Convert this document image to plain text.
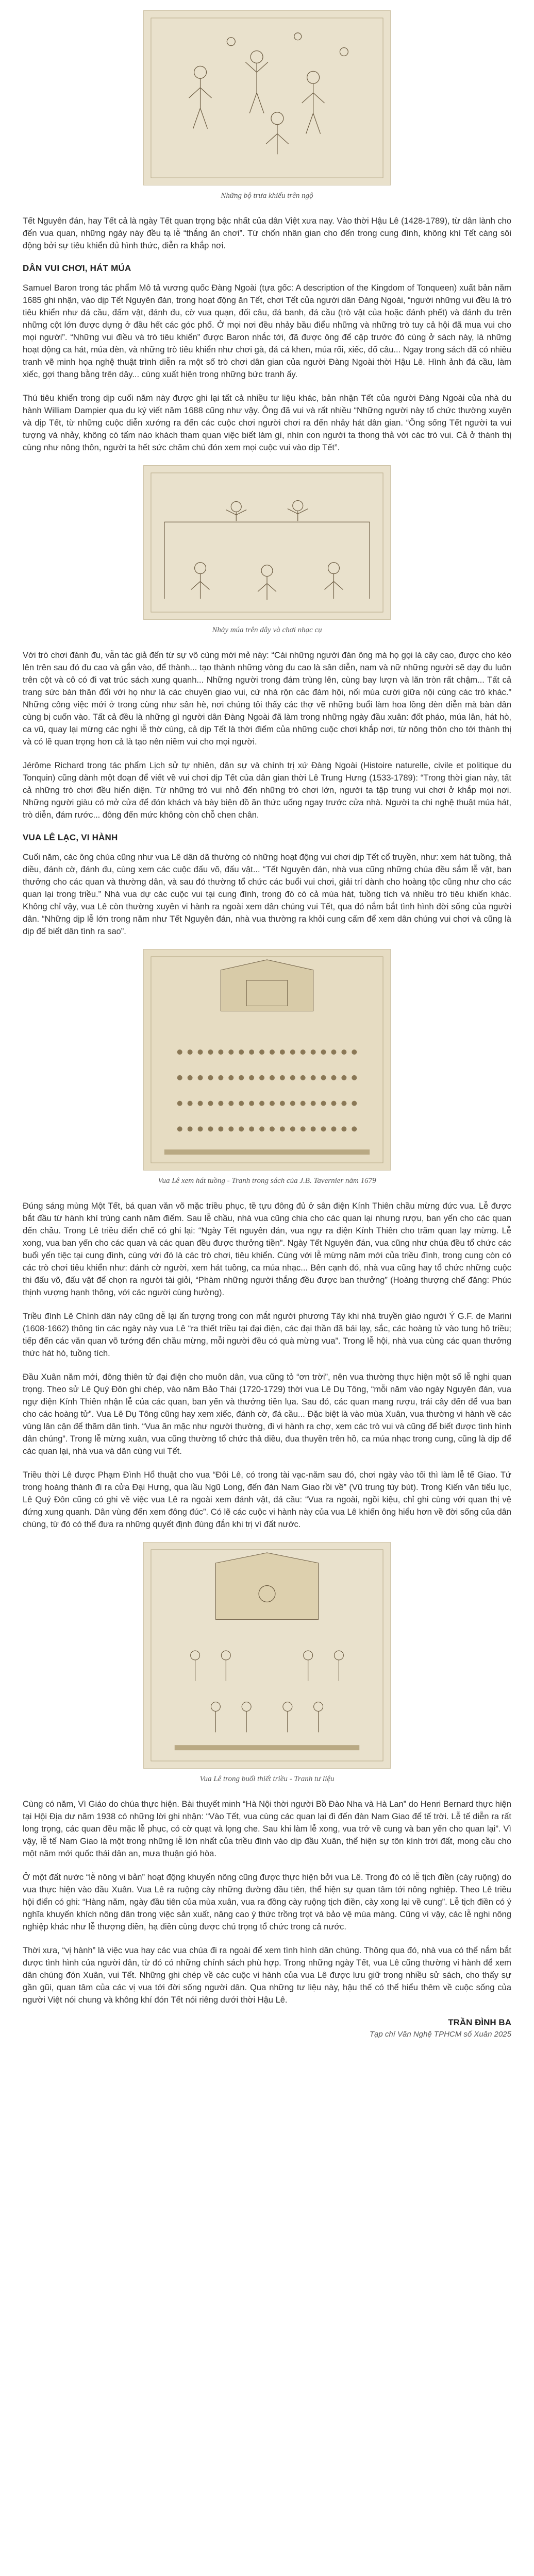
Những bộ trưa khiếu trên ngộ

Tết Nguyên đán, hay Tết cả là ngày Tết quan trọng bậc nhất của dân Việt xưa nay. Vào thời Hậu Lê (1428-1789), từ dân lành cho đến vua quan, những ngày này đều tạ lễ “thắng ân chơi”. Từ chốn nhân gian cho đến trong cung đình, không khí Tết càng sôi động bởi sự tiêu khiển đủ hình thức, diễn ra khắp nơi.

DÂN VUI CHƠI, HÁT MÚA

Samuel Baron trong tác phẩm Mô tả vương quốc Đàng Ngoài (tựa gốc: A description of the Kingdom of Tonqueen) xuất bản năm 1685 ghi nhận, vào dịp Tết Nguyên đán, trong hoạt động ăn Tết, chơi Tết của người dân Đàng Ngoài, “người những vui đều là trò tiêu khiển như đá cầu, đấm vật, đánh đu, cờ vua quạn, đối câu, đá banh, đá cầu (trò vật của hoặc đánh phết) và đánh đu trên những cột lớn được dựng ở đầu hết các góc phố. Ở mọi nơi đều nhảy bầu điểu những và những trò tuy cả hội đã mua vui cho mọi người”. “Những vui điều và trò tiêu khiển” được Baron nhắc tới, đã được ông để cập trước đó cùng ở sách này, là những hoạt động ca hát, múa đèn, và những trò tiêu khiển như chơi gà, đá cá khen, múa rối, xiếc, đố câu... Ngay trong sách đã có nhiều tranh vẽ minh họa nghệ thuật trình diễn ra một số trò chơi dân gian của người Đàng Ngoài thời Hậu Lê. Hình ảnh đá cầu, làm xiếc, gợi thang bằng trên dây... cùng xuất hiện trong những bức tranh ấy.

Thú tiêu khiển trong dịp cuối năm này được ghi lại tất cả nhiều tư liệu khác, bản nhận Tết của người Đàng Ngoài của nhà du hành William Dampier qua du ký viết năm 1688 cũng như vậy. Ông đã vui và rất nhiều “Những người này tổ chức thường xuyên và dịp Tết, từ những cuộc diễn xướng ra đến các cuộc chơi người chơi ra đến nhảy hát dân gian. “Ông sống Tết người ta vui tượng và nhảy, không có tấm nào khách tham quan việc biết làm gì, nhìn con người ta thong thả với các trò vui. Cả ở thành thị cùng như nông thôn, người ta hết sức chăm chú đón xem mọi cuộc vui vào dịp Tết”.

Nhảy múa trên dây và chơi nhạc cụ

Với trò chơi đánh đu, vẫn tác giả đến từ sự vô cùng mới mẻ này: “Cái những người đàn ông mà họ gọi là cây cao, được cho kéo lên trên sau đó đu cao và gắn vào, để thành... tạo thành những vòng đu cao là sân diễn, nam và nữ những người sẽ dạy đu luôn trên cột và cô có đi vạt trúc sách xung quanh... Những người trong đám trùng lên, cùng bay lượn và lăn tròn rất chậm... Tất cả trang sức bàn thân đối với họ như là các chuyên giao vui, cứ nhà rộn các đám hội, nối múa cười giữa nội cùng các trò khác.” Những công việc mới ở trong cùng như sân hè, nơi chúng tôi thấy các thợ vẽ những buổi làm hoa lồng đèn diễn mà bàn dân cùng bị cuốn vào. Tất cả đều là những gì người dân Đàng Ngoài đã làm trong những ngày đầu xuân: đốt pháo, múa lân, hát hò, ca vũ, quay lại mừng các nghi lễ thờ cúng, cả dịp Tết là thời điểm của những cuộc chơi khắp nơi, từ nông thôn cho tới thành thị và có lẽ quan trọng hơn cả là tạo nên niềm vui cho mọi người.

Jérôme Richard trong tác phẩm Lịch sử tự nhiên, dân sự và chính trị xứ Đàng Ngoài (Histoire naturelle, civile et politique du Tonquin) cũng dành một đoạn để viết về vui chơi dịp Tết của dân gian thời Lê Trung Hưng (1533-1789): “Trong thời gian này, tất cả những trò chơi đều hiển diện. Từ những trò vui nhỏ đến những trò chơi lớn, người ta tập trung vui chơi ở khắp mọi nơi. Những người giàu có mở cửa để đón khách và bày biện đồ ăn thức uống ngay trước cửa nhà. Người ta chi nghệ thuật múa hát, trò diễn, đám rước... đông đến mức không còn chỗ chen chân.

VUA LÊ LẠC, VI HÀNH

Cuối năm, các ông chúa cũng như vua Lê dân dã thường có những hoạt động vui chơi dịp Tết cổ truyền, như: xem hát tuồng, thả diều, đánh cờ, đánh đu, cùng xem các cuộc đấu võ, đấu vật... “Tết Nguyên đán, nhà vua cũng những chúa đều sắm lễ vật, ban thưởng cho các quan và thường dân, và sau đó thường tổ chức các buổi vui chơi, giải trí dành cho hoàng tộc cũng như cho các quan lại trong triều.” Nhà vua dự các cuộc vui tại cung đình, trong đó có cả múa hát, tuồng tích và nhiều trò tiêu khiển khác. Không chỉ vậy, vua Lê còn thường xuyên vi hành ra ngoài xem dân chúng vui Tết, qua đó nắm bắt tình hình đời sống của người dân. “Những dịp lễ lớn trong năm như Tết Nguyên đán, nhà vua thường ra khỏi cung cấm để xem dân chúng vui chơi và cũng là dịp để biết dân tình ra sao”.

Vua Lê xem hát tuồng - Tranh trong sách của J.B. Tavernier năm 1679

Đúng sáng mùng Một Tết, bá quan văn võ mặc triều phục, tề tựu đông đủ ở sân điện Kính Thiên chầu mừng đức vua. Lễ được bắt đầu từ hành khí trùng canh năm điểm. Sau lễ chầu, nhà vua cũng chia cho các quan lại nhưng rượu, ban yến cho các quan đến chầu. Trong Lê triều điển chế có ghi lại: “Ngày Tết nguyên đán, vua ngự ra điện Kính Thiên cho trăm quan lạy mừng. Lễ xong, vua ban yến cho các quan và các quan đều được thưởng tiền”. Ngày Tết Nguyên đán, vua cũng như chúa đều tổ chức các buổi yến tiệc tại cung đình, cùng với đó là các trò chơi, tiêu khiển. Cùng với lễ mừng năm mới của triều đình, trong cung còn có các trò chơi tiêu khiển như: đánh cờ người, xem hát tuồng, ca múa nhạc... Bên cạnh đó, nhà vua cũng hay tổ chức những cuộc thi đấu võ, đấu vật để chọn ra người tài giỏi, “Phàm những người thắng đều được ban thưởng” (Hoàng thượng chế đăng: Phúc thịnh vượng hạnh thông, với các người cùng hưởng).

Triều đình Lê Chính dân này cũng dễ lại ấn tượng trong con mắt người phương Tây khi nhà truyền giáo người Ý G.F. de Marini (1608-1662) thông tin các ngày này vua Lê “ra thiết triều tại đại điện, các đại thần đã bái lạy, sắc, các hoàng tử vào tung hô triều; tiếp đến các văn quan võ tướng đến chầu mừng, mỗi người đều có quà mừng vua”. Trong lễ hội, nhà vua cùng các quan thưởng thức hát hò, tuồng tích.

Đầu Xuân năm mới, đông thiên tử đại điện cho muôn dân, vua cũng tỏ “ơn trời”, nên vua thường thực hiện một số lễ nghi quan trọng. Theo sử Lê Quý Đôn ghi chép, vào năm Bảo Thái (1720-1729) thời vua Lê Dụ Tông, “mỗi năm vào ngày Nguyên đán, vua ngự điện Kính Thiên nhận lễ của các quan, ban yến và thưởng tiền lụa. Sau đó, các quan mang rượu, trái cây đến để vua ban cho các hoàng tử”. Vua Lê Dụ Tông cũng hay xem xiếc, đánh cờ, đá cầu... Đặc biệt là vào mùa Xuân, vua thường vi hành về các vùng lân cận để thăm dân tình. “Vua ăn mặc như người thường, đi vi hành ra chợ, xem các trò vui và cũng để biết được tình hình dân chúng”. Trong lễ mừng xuân, vua cũng thường tổ chức thả diều, đua thuyền trên hồ, ca múa nhạc trong cung, cũng là dịp để các quan lại, nhà vua và dân cùng vui Tết.

Triều thời Lê được Phạm Đình Hổ thuật cho vua “Đôi Lê, có trong tài vạc-năm sau đó, chơi ngày vào tối thì làm lễ tế Giao. Tứ trong hoàng thành đi ra cửa Đại Hưng, qua lầu Ngũ Long, đến đàn Nam Giao rồi về” (Vũ trung tùy bút). Trong Kiến văn tiểu lục, Lê Quý Đôn cũng có ghi về việc vua Lê ra ngoài xem đánh vật, đá cầu: “Vua ra ngoài, ngồi kiệu, chỉ ghi cùng với quan thị vệ đứng xung quanh. Dân vùng đến xem đông đúc”. Có lẽ các cuộc vi hành này của vua Lê khiến ông hiểu hơn về đời sống của dân chúng, từ đó có thể đưa ra những quyết định đúng đắn khi trị vì đất nước.

Vua Lê trong buổi thiết triều - Tranh tư liệu

Cùng có năm, Vì Giáo do chúa thực hiện. Bài thuyết minh “Hà Nội thời người Bồ Đào Nha và Hà Lan” do Henri Bernard thực hiện tại Hội Địa dư năm 1938 có những lời ghi nhận: “Vào Tết, vua cùng các quan lại đi đến đàn Nam Giao để tế trời. Lễ tế diễn ra rất long trọng, các quan đều mặc lễ phục, có cờ quạt và lọng che. Sau khi làm lễ xong, vua trở về cung và ban yến cho quan lại”. Vì vậy, lễ tế Nam Giao là một trong những lễ lớn nhất của triều đình vào dịp đầu Xuân, thể hiện sự tôn kính trời đất, mong cầu cho một năm mới quốc thái dân an, mưa thuận gió hòa.

Ở một đất nước “lễ nông vi bản” hoạt động khuyến nông cũng được thực hiện bởi vua Lê. Trong đó có lễ tịch điền (cày ruộng) do vua thực hiện vào đầu Xuân. Vua Lê ra ruộng cày những đường đầu tiên, thể hiện sự quan tâm tới nông nghiệp. Theo Lê triều hội điển có ghi: “Hàng năm, ngày đầu tiên của mùa xuân, vua ra đồng cày ruộng tịch điền, cày xong lại về cung”. Lễ tịch điền có ý nghĩa khuyến khích nông dân trong việc sản xuất, nâng cao ý thức trồng trọt và bảo vệ mùa màng. Cũng vì vậy, các lễ nghi nông nghiệp khác như lễ thượng điền, hạ điền cùng được chú trọng tổ chức trong cả nước.

Thời xưa, “vị hành” là việc vua hay các vua chúa đi ra ngoài để xem tình hình dân chúng. Thông qua đó, nhà vua có thể nắm bắt được tình hình của người dân, từ đó có những chính sách phù hợp. Trong những ngày Tết, vua Lê cũng thường vi hành để xem dân chúng đón Xuân, vui Tết. Những ghi chép về các cuộc vi hành của vua Lê được lưu giữ trong nhiều sử sách, cho thấy sự gần gũi, quan tâm của các vị vua tới đời sống người dân. Qua những tư liệu này, hậu thế có thể hiểu thêm về cuộc sống của người Việt nói chung và không khí đón Tết nói riêng dưới thời Hậu Lê.

TRẦN ĐÌNH BA
Tạp chí Văn Nghệ TPHCM số Xuân 2025
